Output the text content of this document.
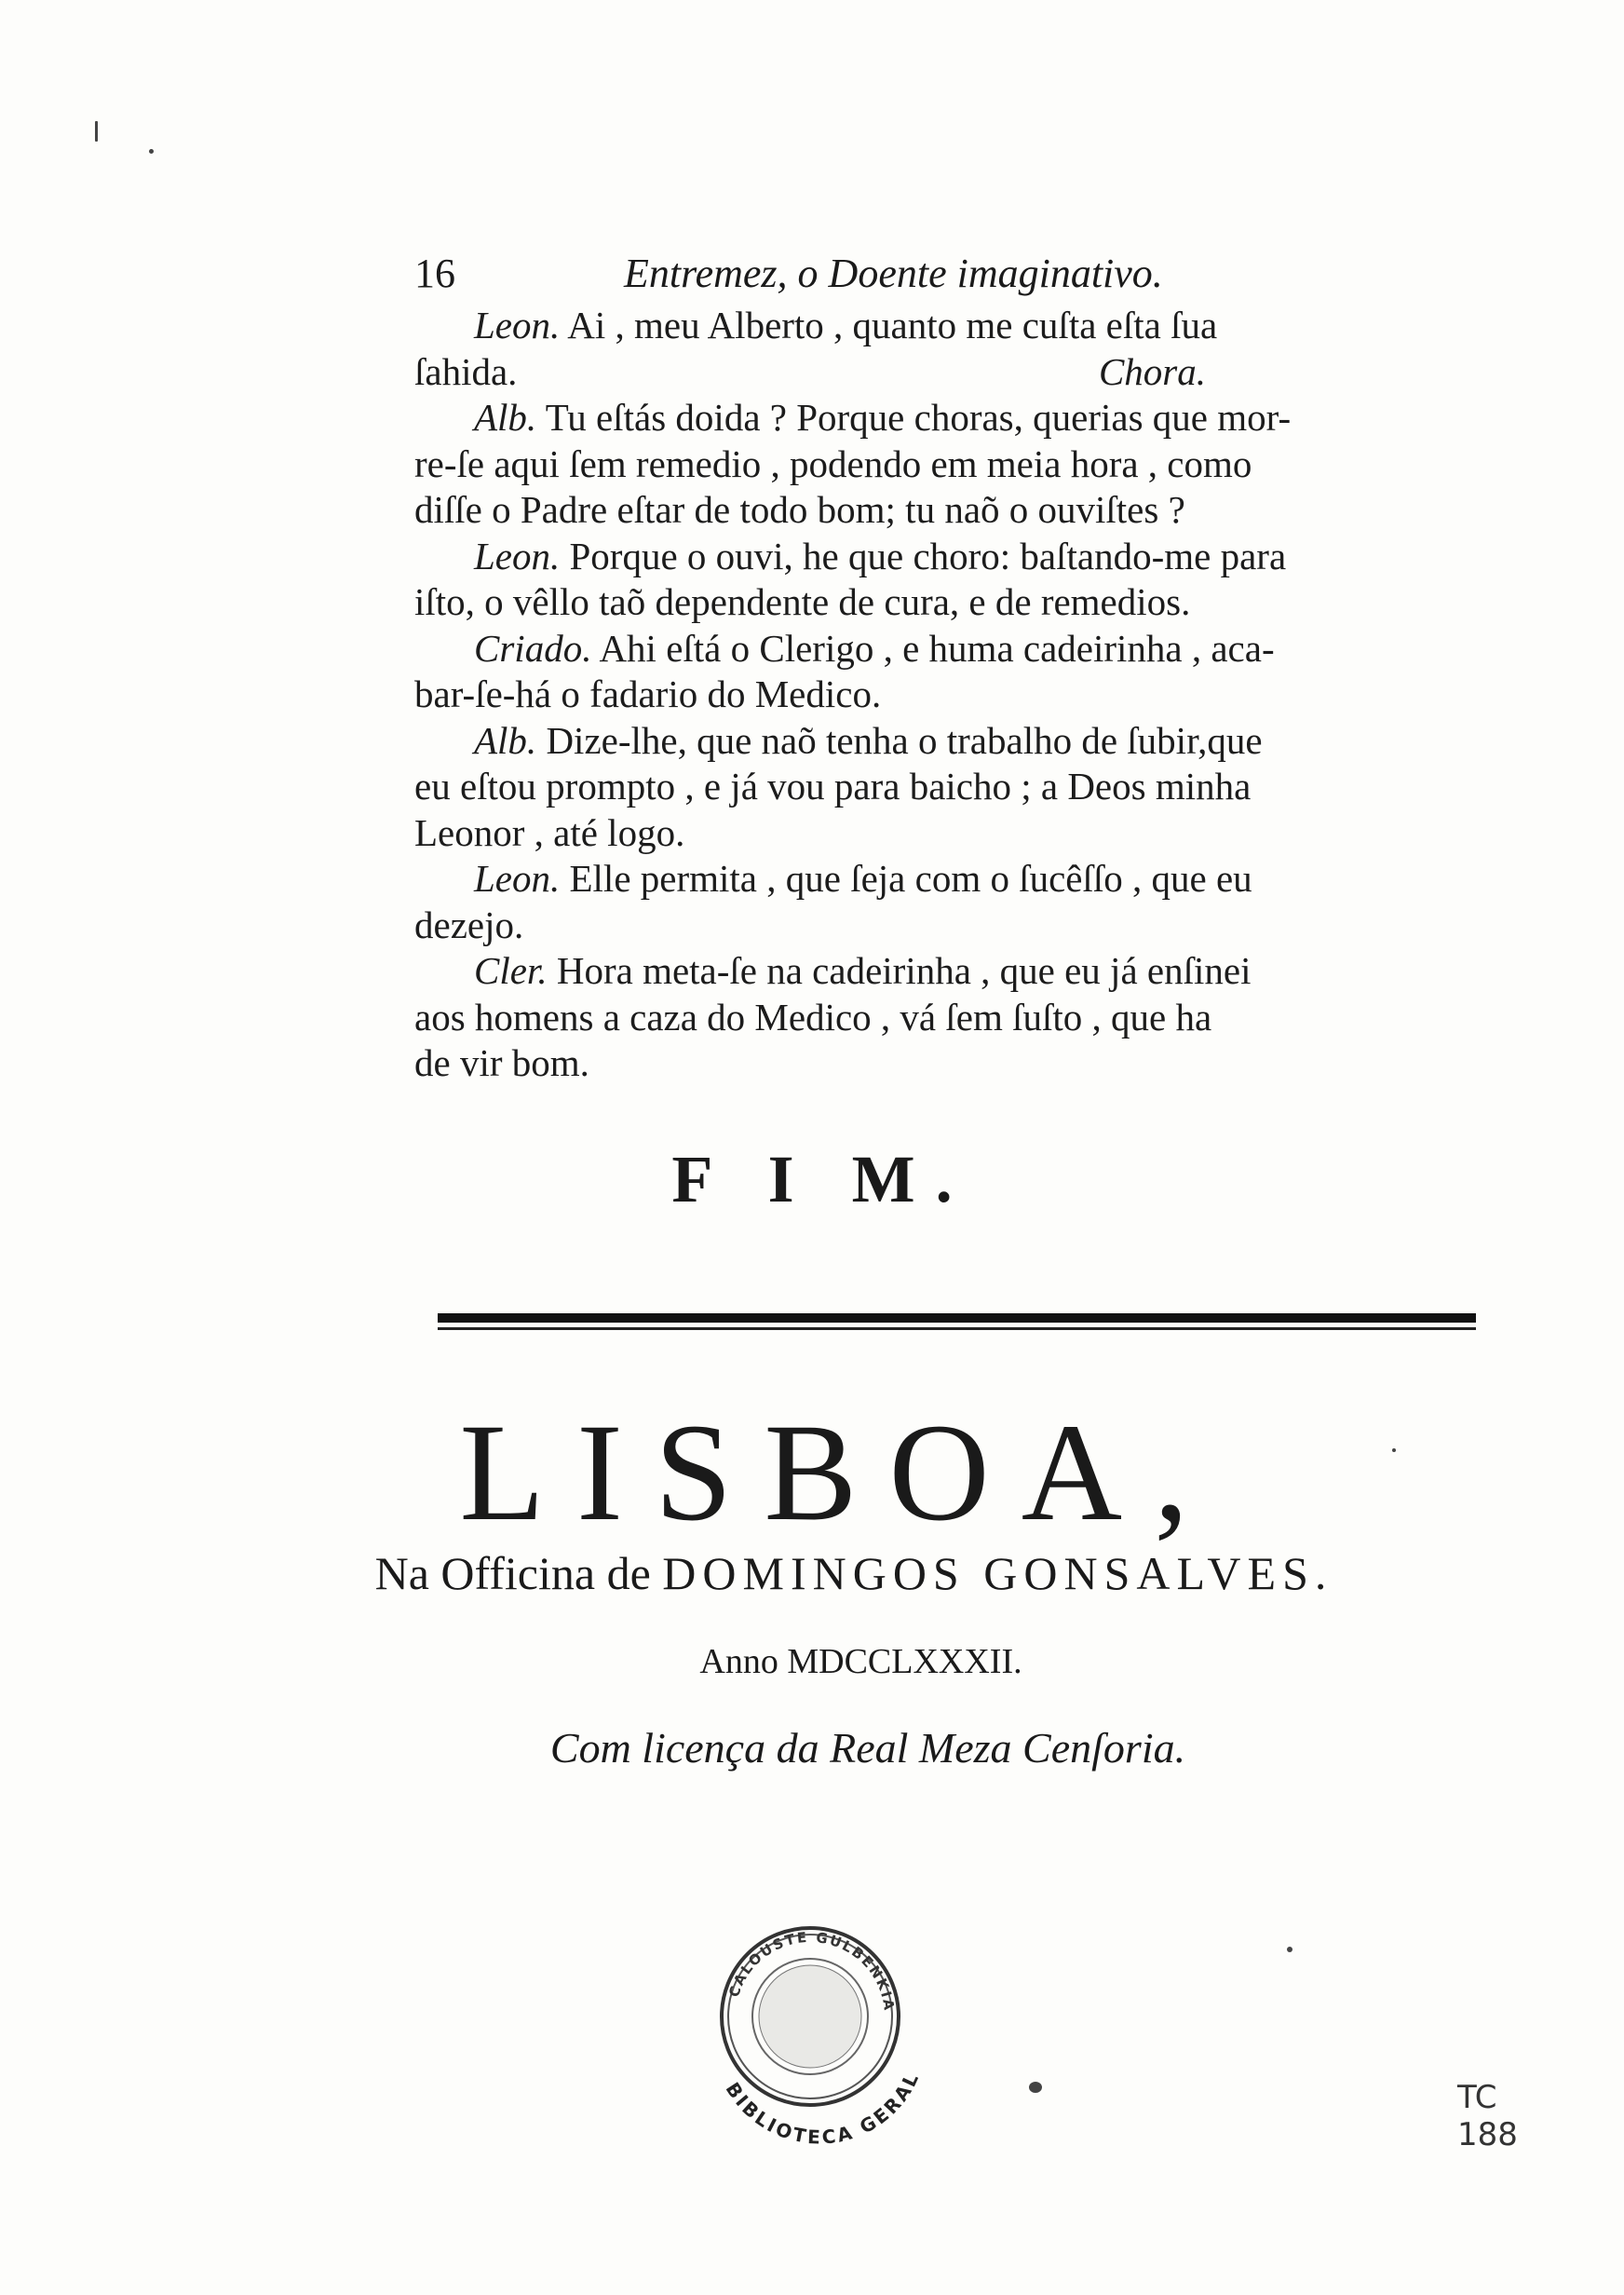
16	Entremez, o Doente imaginativo.
Leon. Ai , meu Alberto , quanto me cuſta eſta ſua
ſahida.	Chora.
Alb. Tu eſtás doida ? Porque choras, querias que mor-
re-ſe aqui ſem remedio , podendo em meia hora , como
diſſe o Padre eſtar de todo bom; tu naõ o ouviſtes ?
Leon. Porque o ouvi, he que choro: baſtando-me para
iſto, o vêllo taõ dependente de cura, e de remedios.
Criado. Ahi eſtá o Clerigo , e huma cadeirinha , aca-
bar-ſe-há o fadario do Medico.
Alb. Dize-lhe, que naõ tenha o trabalho de ſubir,que
eu eſtou prompto , e já vou para baicho ; a Deos minha
Leonor , até logo.
Leon. Elle permita , que ſeja com o ſucêſſo , que eu
dezejo.
Cler. Hora meta-ſe na cadeirinha , que eu já enſinei
aos homens a caza do Medico , vá ſem ſuſto , que ha
de vir bom.
F I M.
LISBOA,
Na Officina de DOMINGOS GONSALVES.
Anno MDCCLXXXII.
Com licença da Real Meza Cenſoria.
CALOUSTE GULBENKIA
BIBLIOTECA GERAL
TC
188
